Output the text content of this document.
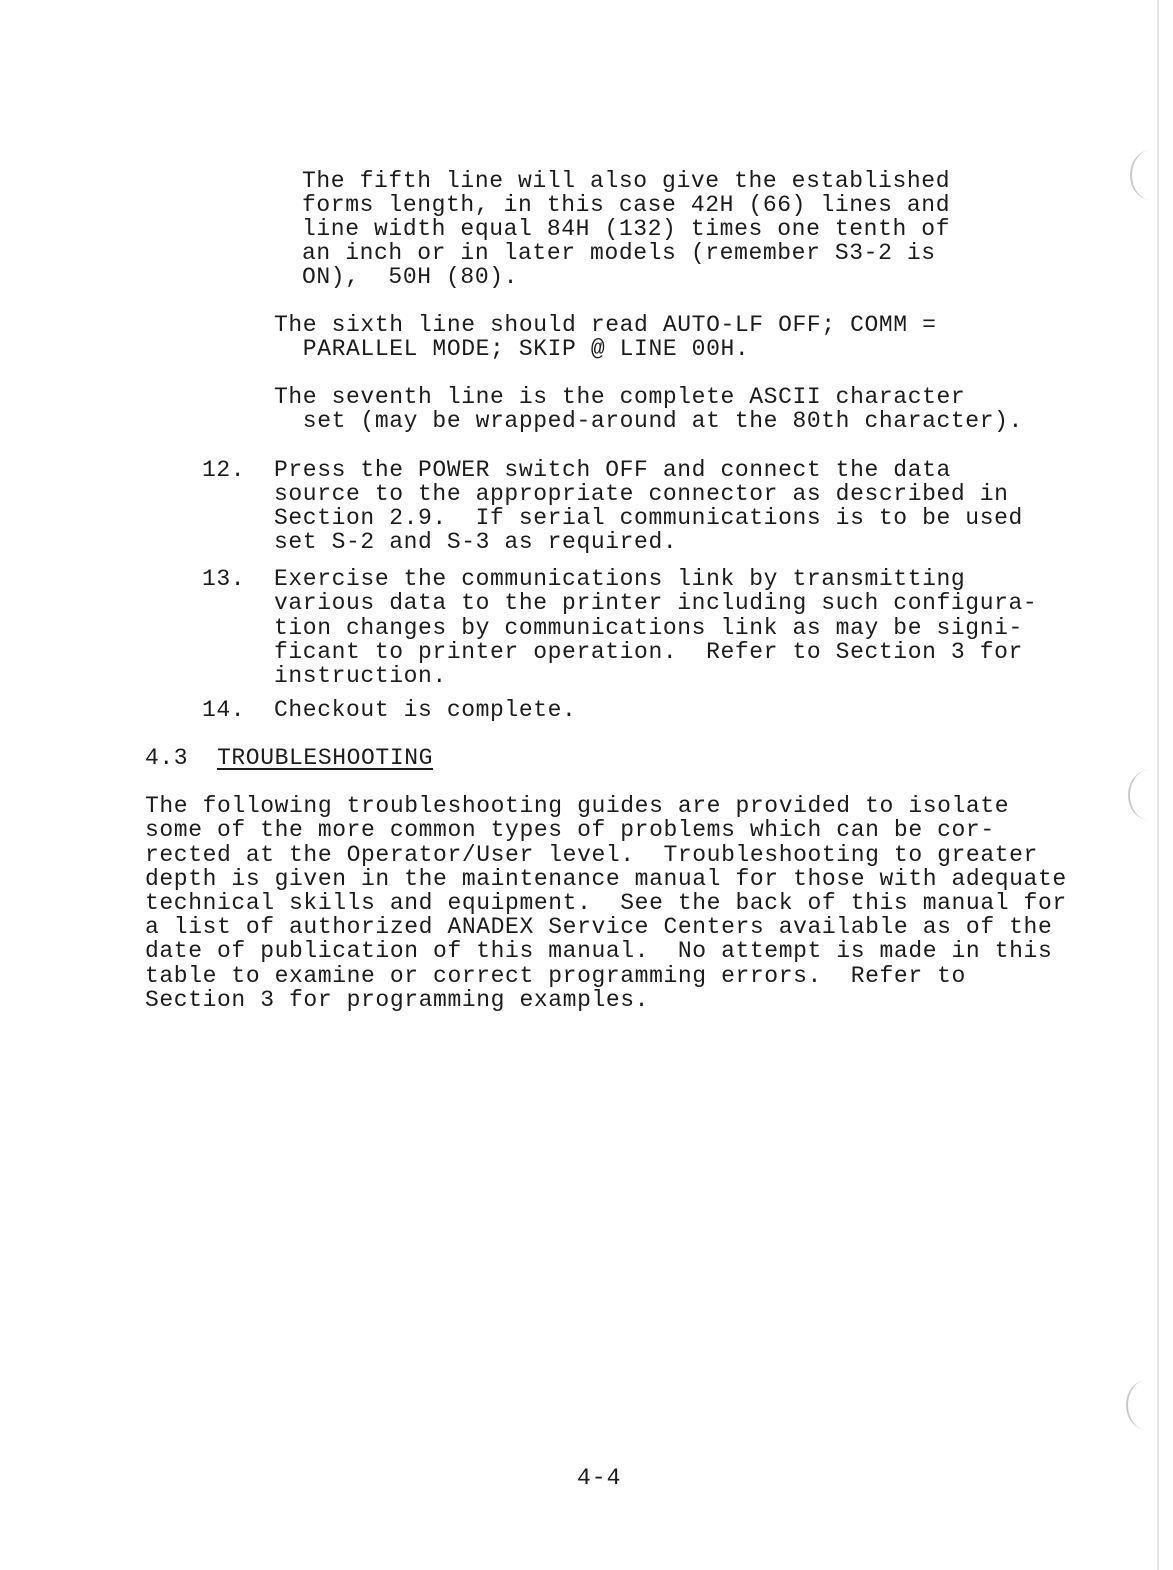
The fifth line will also give the established
forms length, in this case 42H (66) lines and
line width equal 84H (132) times one tenth of
an inch or in later models (remember S3-2 is
ON),  50H (80).
The sixth line should read AUTO-LF OFF; COMM =
PARALLEL MODE; SKIP @ LINE 00H.
The seventh line is the complete ASCII character
set (may be wrapped-around at the 80th character).
12. Press the POWER switch OFF and connect the data
source to the appropriate connector as described in
Section 2.9.  If serial communications is to be used
set S-2 and S-3 as required.
13. Exercise the communications link by transmitting
various data to the printer including such configura-
tion changes by communications link as may be signi-
ficant to printer operation.  Refer to Section 3 for
instruction.
14. Checkout is complete.
4.3 TROUBLESHOOTING
The following troubleshooting guides are provided to isolate
some of the more common types of problems which can be cor-
rected at the Operator/User level.  Troubleshooting to greater
depth is given in the maintenance manual for those with adequate
technical skills and equipment.  See the back of this manual for
a list of authorized ANADEX Service Centers available as of the
date of publication of this manual.  No attempt is made in this
table to examine or correct programming errors.  Refer to
Section 3 for programming examples.
4-4
